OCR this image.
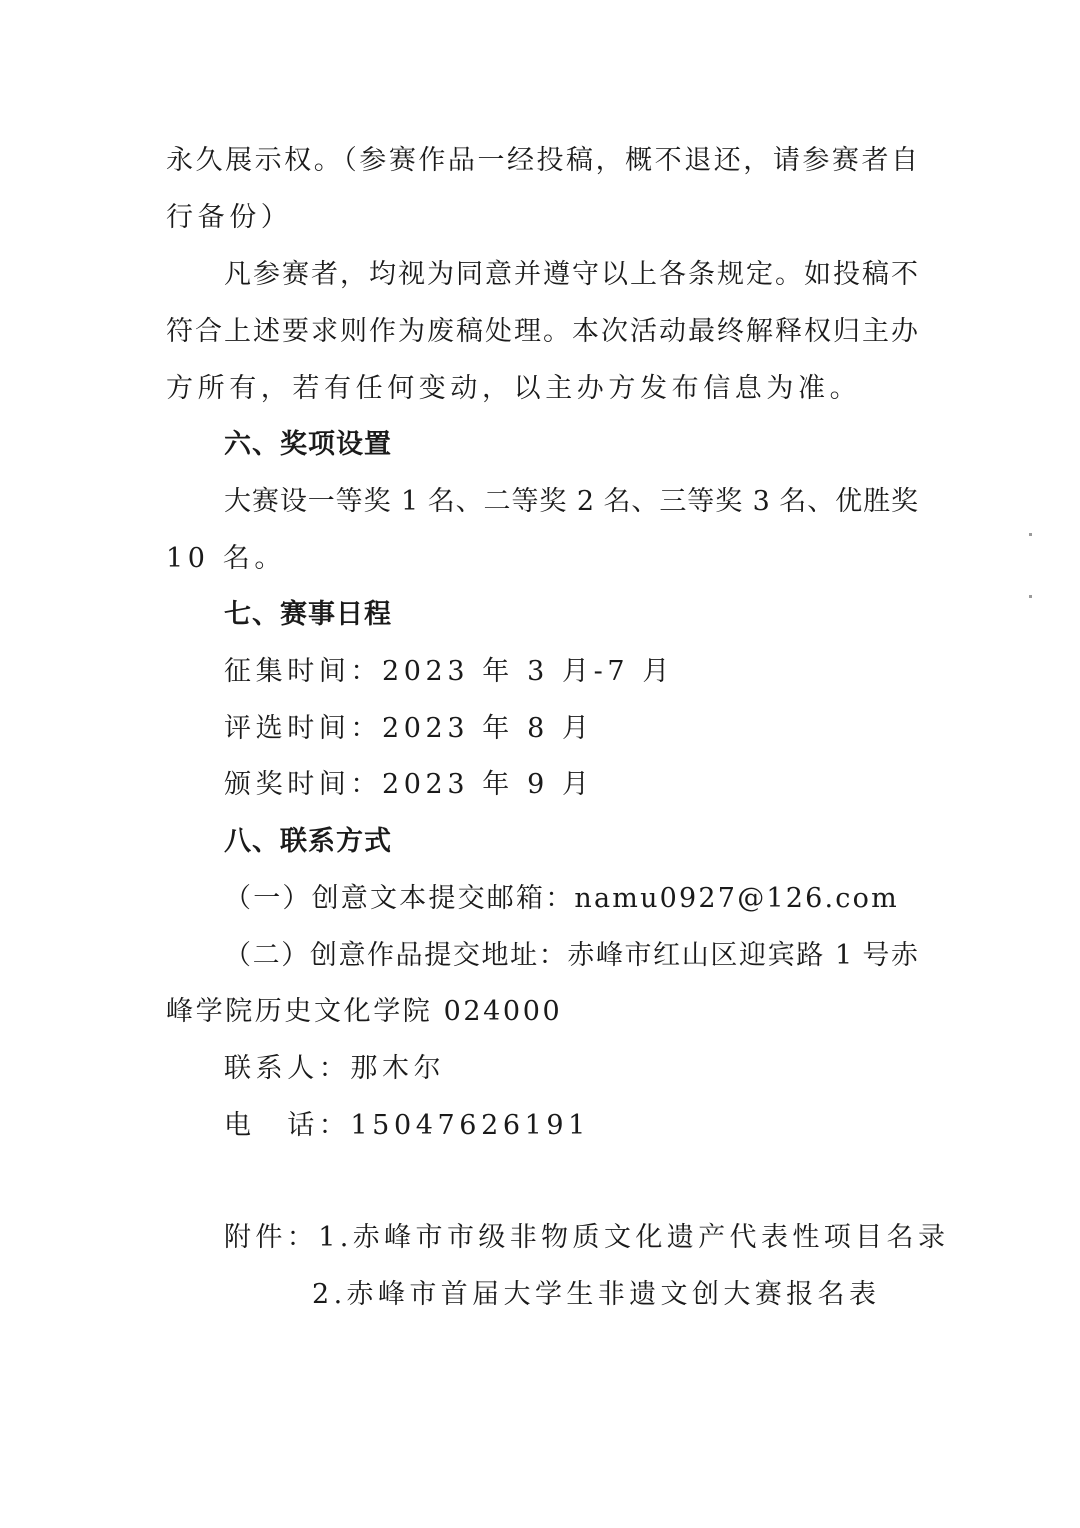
永久展示权。（参赛作品一经投稿，概不退还，请参赛者自
行备份）
凡参赛者，均视为同意并遵守以上各条规定。如投稿不
符合上述要求则作为废稿处理。本次活动最终解释权归主办
方所有，若有任何变动，以主办方发布信息为准。
六、奖项设置
大赛设一等奖 1 名、二等奖 2 名、三等奖 3 名、优胜奖
10 名。
七、赛事日程
征集时间：2023 年 3 月-7 月
评选时间：2023 年 8 月
颁奖时间：2023 年 9 月
八、联系方式
（一）创意文本提交邮箱：namu0927@126.com
（二）创意作品提交地址：赤峰市红山区迎宾路 1 号赤
峰学院历史文化学院 024000
联系人：那木尔
电　话：15047626191
附件：1.赤峰市市级非物质文化遗产代表性项目名录
2.赤峰市首届大学生非遗文创大赛报名表
